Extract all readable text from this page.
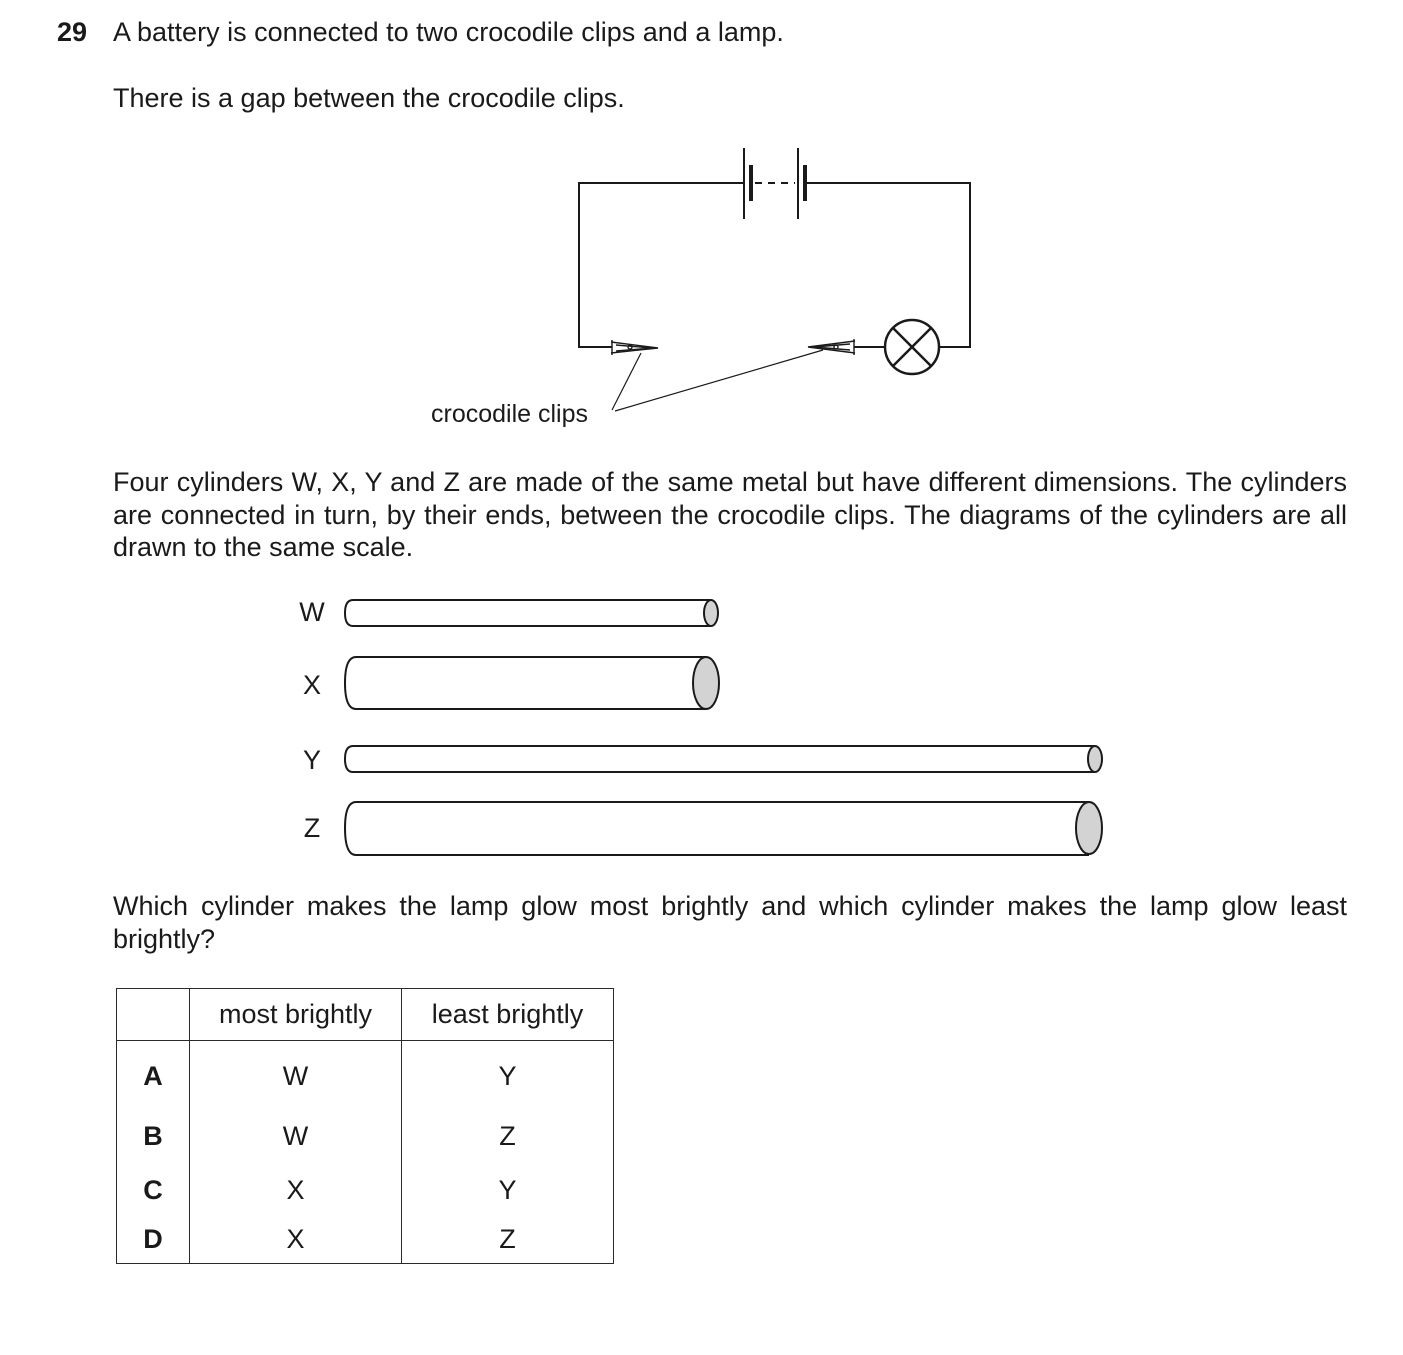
29 A battery is connected to two crocodile clips and a lamp.
There is a gap between the crocodile clips.
crocodile clips
W
X
Y
Z
Four cylinders W, X, Y and Z are made of the same metal but have different dimensions. The cylinders are connected in turn, by their ends, between the crocodile clips. The diagrams of the cylinders are all drawn to the same scale.
Which cylinder makes the lamp glow most brightly and which cylinder makes the lamp glow least brightly?
	most brightly	least brightly
A	W	Y
B	W	Z
C	X	Y
D	X	Z
